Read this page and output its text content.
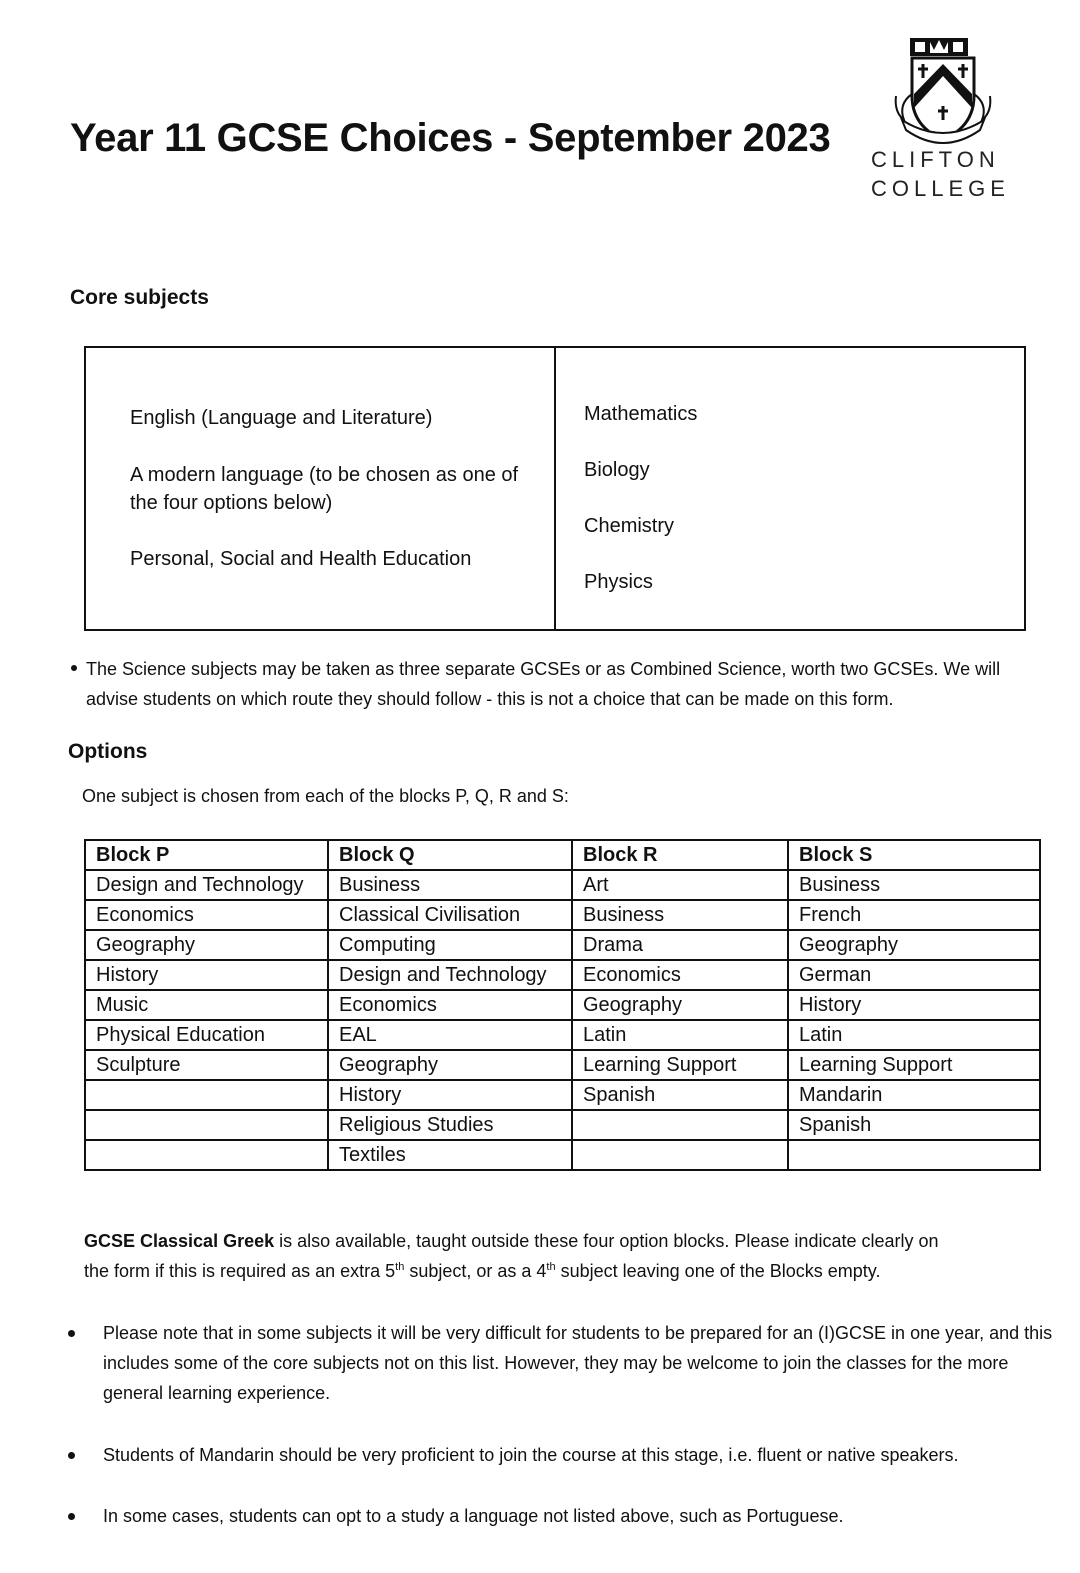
Year 11 GCSE Choices - September 2023 CLIFTON
COLLEGE
Core subjects
English (Language and Literature)
A modern language (to be chosen as one of the four options below)
Personal, Social and Health Education
Mathematics
Biology
Chemistry
Physics
The Science subjects may be taken as three separate GCSEs or as Combined Science, worth two GCSEs. We will advise students on which route they should follow - this is not a choice that can be made on this form.
Options
One subject is chosen from each of the blocks P, Q, R and S:
Block P	Block Q	Block R	Block S
Design and Technology	Business	Art	Business
Economics	Classical Civilisation	Business	French
Geography	Computing	Drama	Geography
History	Design and Technology	Economics	German
Music	Economics	Geography	History
Physical Education	EAL	Latin	Latin
Sculpture	Geography	Learning Support	Learning Support
	History	Spanish	Mandarin
	Religious Studies		Spanish
	Textiles		
GCSE Classical Greek is also available, taught outside these four option blocks. Please indicate clearly on
the form if this is required as an extra 5th subject, or as a 4th subject leaving one of the Blocks empty.
Please note that in some subjects it will be very difficult for students to be prepared for an (I)GCSE in one year, and this includes some of the core subjects not on this list. However, they may be welcome to join the classes for the more general learning experience.
Students of Mandarin should be very proficient to join the course at this stage, i.e. fluent or native speakers.
In some cases, students can opt to a study a language not listed above, such as Portuguese.
